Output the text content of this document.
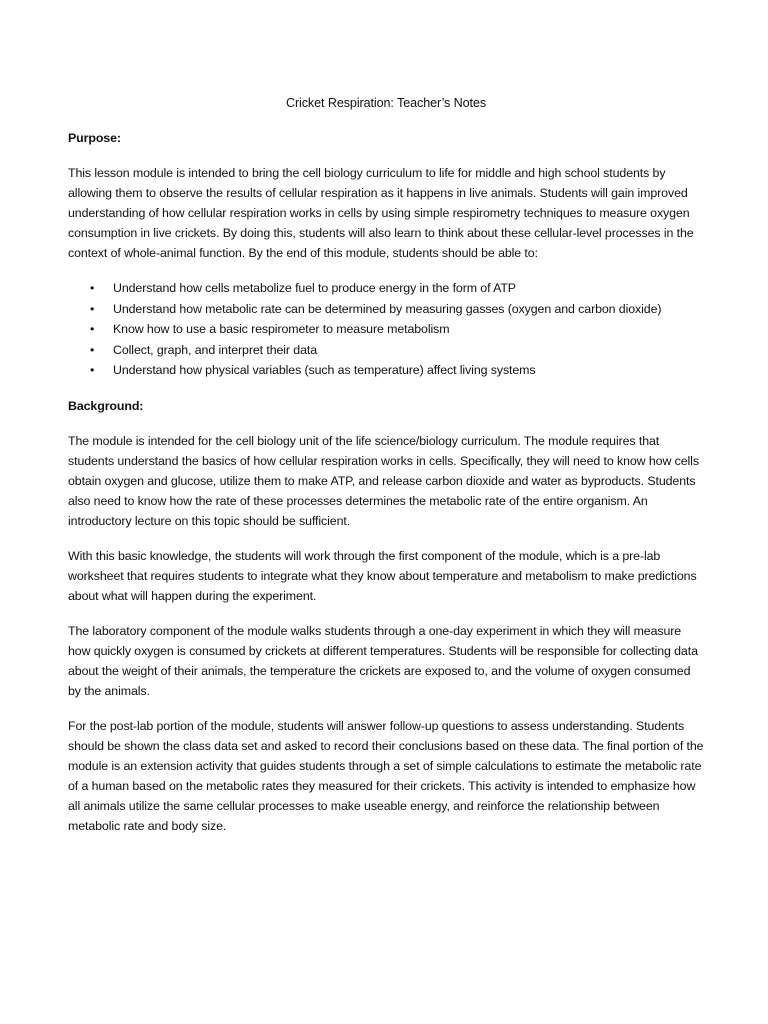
Cricket Respiration: Teacher’s Notes
Purpose:

This lesson module is intended to bring the cell biology curriculum to life for middle and high school students by allowing them to observe the results of cellular respiration as it happens in live animals. Students will gain improved understanding of how cellular respiration works in cells by using simple respirometry techniques to measure oxygen consumption in live crickets. By doing this, students will also learn to think about these cellular-level processes in the context of whole-animal function. By the end of this module, students should be able to:

• Understand how cells metabolize fuel to produce energy in the form of ATP
• Understand how metabolic rate can be determined by measuring gasses (oxygen and carbon dioxide)
• Know how to use a basic respirometer to measure metabolism
• Collect, graph, and interpret their data
• Understand how physical variables (such as temperature) affect living systems
Background:

The module is intended for the cell biology unit of the life science/biology curriculum. The module requires that students understand the basics of how cellular respiration works in cells. Specifically, they will need to know how cells obtain oxygen and glucose, utilize them to make ATP, and release carbon dioxide and water as byproducts. Students also need to know how the rate of these processes determines the metabolic rate of the entire organism. An introductory lecture on this topic should be sufficient.

With this basic knowledge, the students will work through the first component of the module, which is a pre-lab worksheet that requires students to integrate what they know about temperature and metabolism to make predictions about what will happen during the experiment.

The laboratory component of the module walks students through a one-day experiment in which they will measure how quickly oxygen is consumed by crickets at different temperatures. Students will be responsible for collecting data about the weight of their animals, the temperature the crickets are exposed to, and the volume of oxygen consumed by the animals.

For the post-lab portion of the module, students will answer follow-up questions to assess understanding. Students should be shown the class data set and asked to record their conclusions based on these data. The final portion of the module is an extension activity that guides students through a set of simple calculations to estimate the metabolic rate of a human based on the metabolic rates they measured for their crickets. This activity is intended to emphasize how all animals utilize the same cellular processes to make useable energy, and reinforce the relationship between metabolic rate and body size.
